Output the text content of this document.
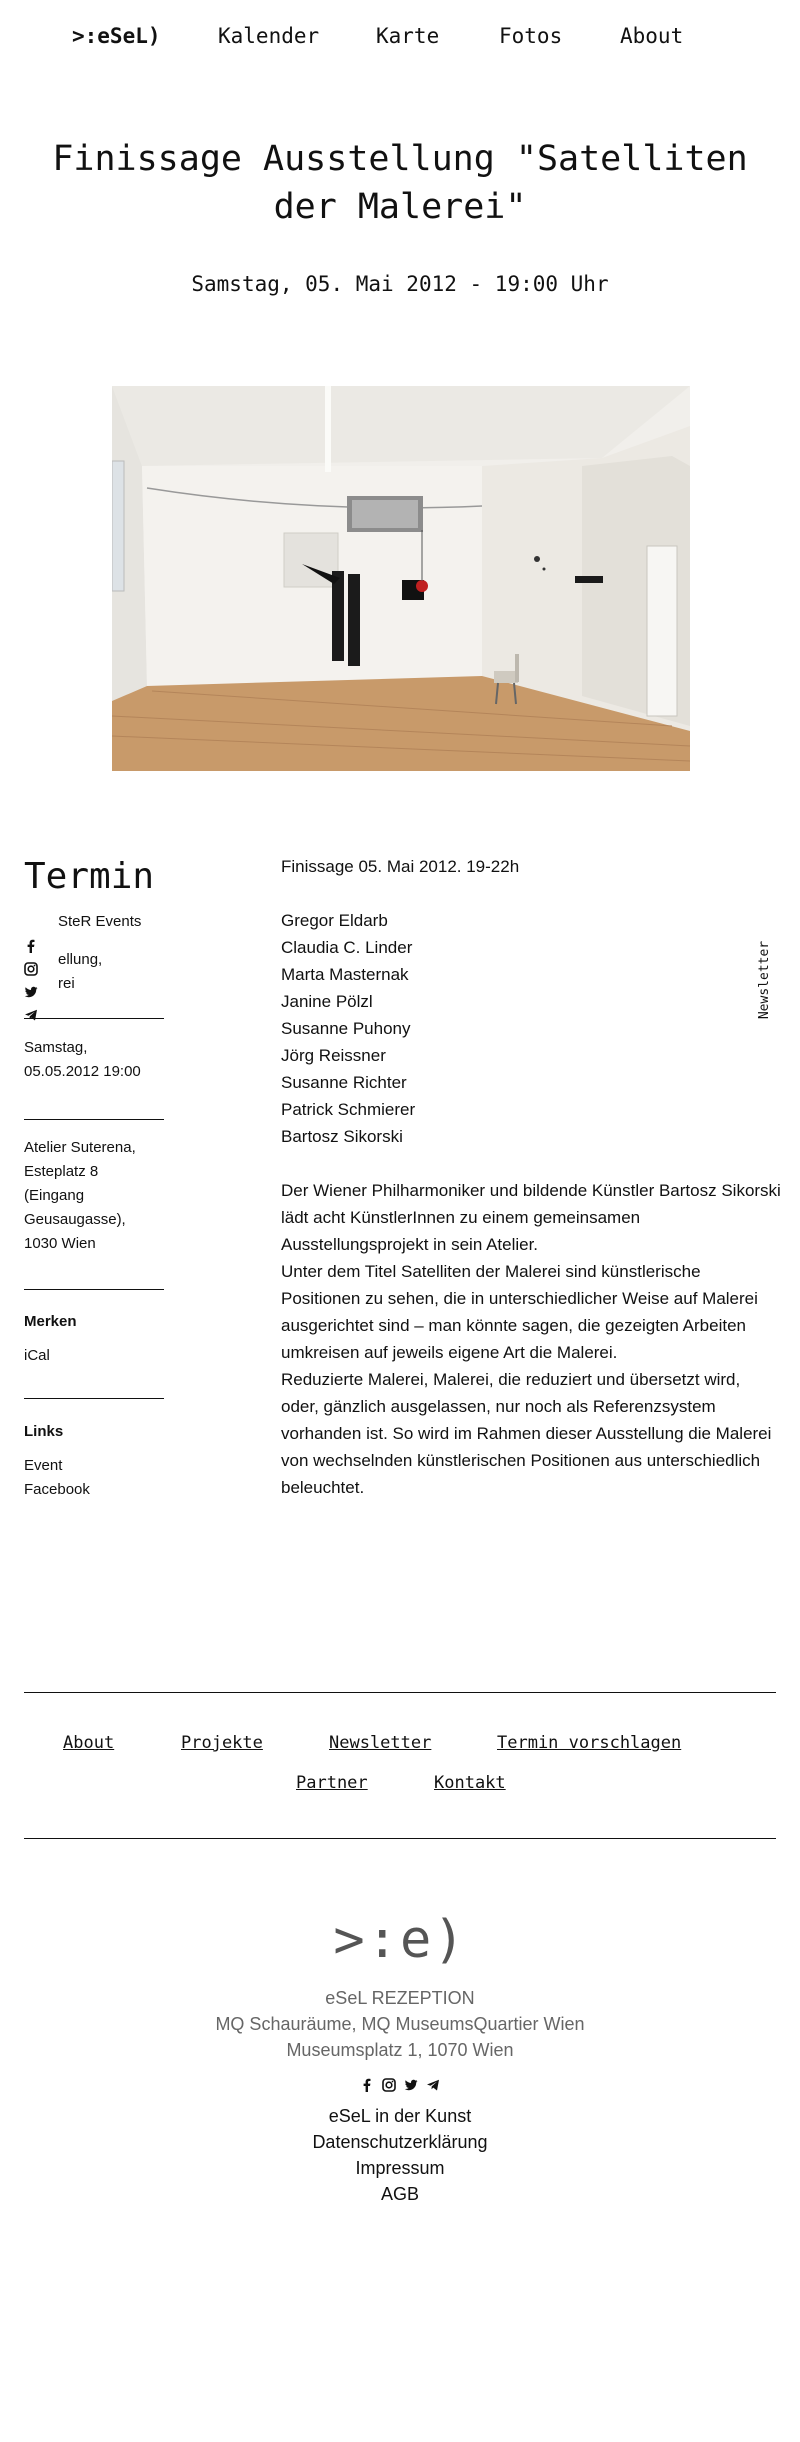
>:eSeL)	Kalender	Karte	Fotos	About
Finissage Ausstellung "Satelliten der Malerei"
Samstag, 05. Mai 2012 - 19:00 Uhr
Termin
SteR Events
ellung,
rei
Samstag, 05.05.2012 19:00
Atelier Suterena,
Esteplatz 8
(Eingang
Geusaugasse),
1030 Wien
Merken
iCal
Links
Event
Facebook

Finissage 05. Mai 2012. 19-22h

Gregor Eldarb
Claudia C. Linder
Marta Masternak
Janine Pölzl
Susanne Puhony
Jörg Reissner
Susanne Richter
Patrick Schmierer
Bartosz Sikorski

Der Wiener Philharmoniker und bildende Künstler Bartosz Sikorski lädt acht KünstlerInnen zu einem gemeinsamen Ausstellungsprojekt in sein Atelier.

Unter dem Titel Satelliten der Malerei sind künstlerische Positionen zu sehen, die in unterschiedlicher Weise auf Malerei ausgerichtet sind – man könnte sagen, die gezeigten Arbeiten umkreisen auf jeweils eigene Art die Malerei.

Reduzierte Malerei, Malerei, die reduziert und übersetzt wird, oder, gänzlich ausgelassen, nur noch als Referenzsystem vorhanden ist. So wird im Rahmen dieser Ausstellung die Malerei von wechselnden künstlerischen Positionen aus unterschiedlich beleuchtet.

Newsletter
About	Projekte	Newsletter	Termin vorschlagen
Partner	Kontakt
>:e)
eSeL REZEPTION
MQ Schauräume, MQ MuseumsQuartier Wien
Museumsplatz 1, 1070 Wien

eSeL in der Kunst
Datenschutzerklärung
Impressum
AGB
